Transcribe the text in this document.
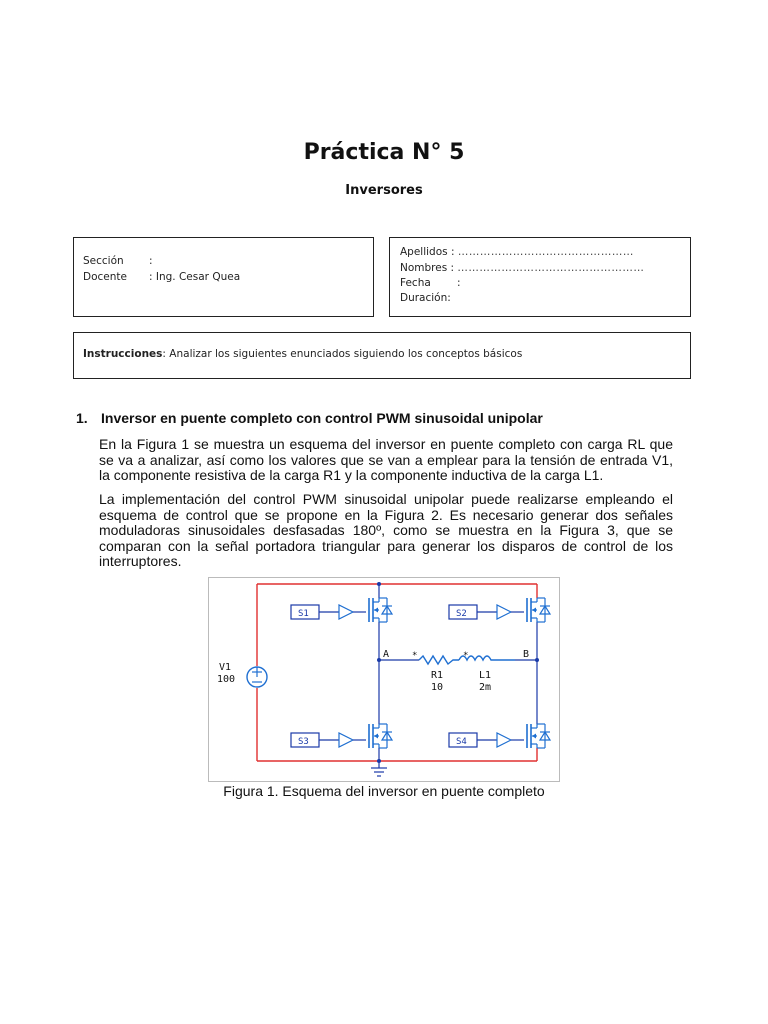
Práctica N° 5
Inversores
Sección :
Docente : Ing. Cesar Quea
Apellidos : …………………………………………
Nombres : ……………………………………………
Fecha :
Duración:
Instrucciones: Analizar los siguientes enunciados siguiendo los conceptos básicos
1. Inversor en puente completo con control PWM sinusoidal unipolar
En la Figura 1 se muestra un esquema del inversor en puente completo con carga RL que se va a analizar, así como los valores que se van a emplear para la tensión de entrada V1, la componente resistiva de la carga R1 y la componente inductiva de la carga L1.
La implementación del control PWM sinusoidal unipolar puede realizarse empleando el esquema de control que se propone en la Figura 2. Es necesario generar dos señales moduladoras sinusoidales desfasadas 180º, como se muestra en la Figura 3, que se comparan con la señal portadora triangular para generar los disparos de control de los interruptores.
V1
100
S1	S2
S3	S4
*	*
A	B
R1
10
L1
2m
Figura 1. Esquema del inversor en puente completo
